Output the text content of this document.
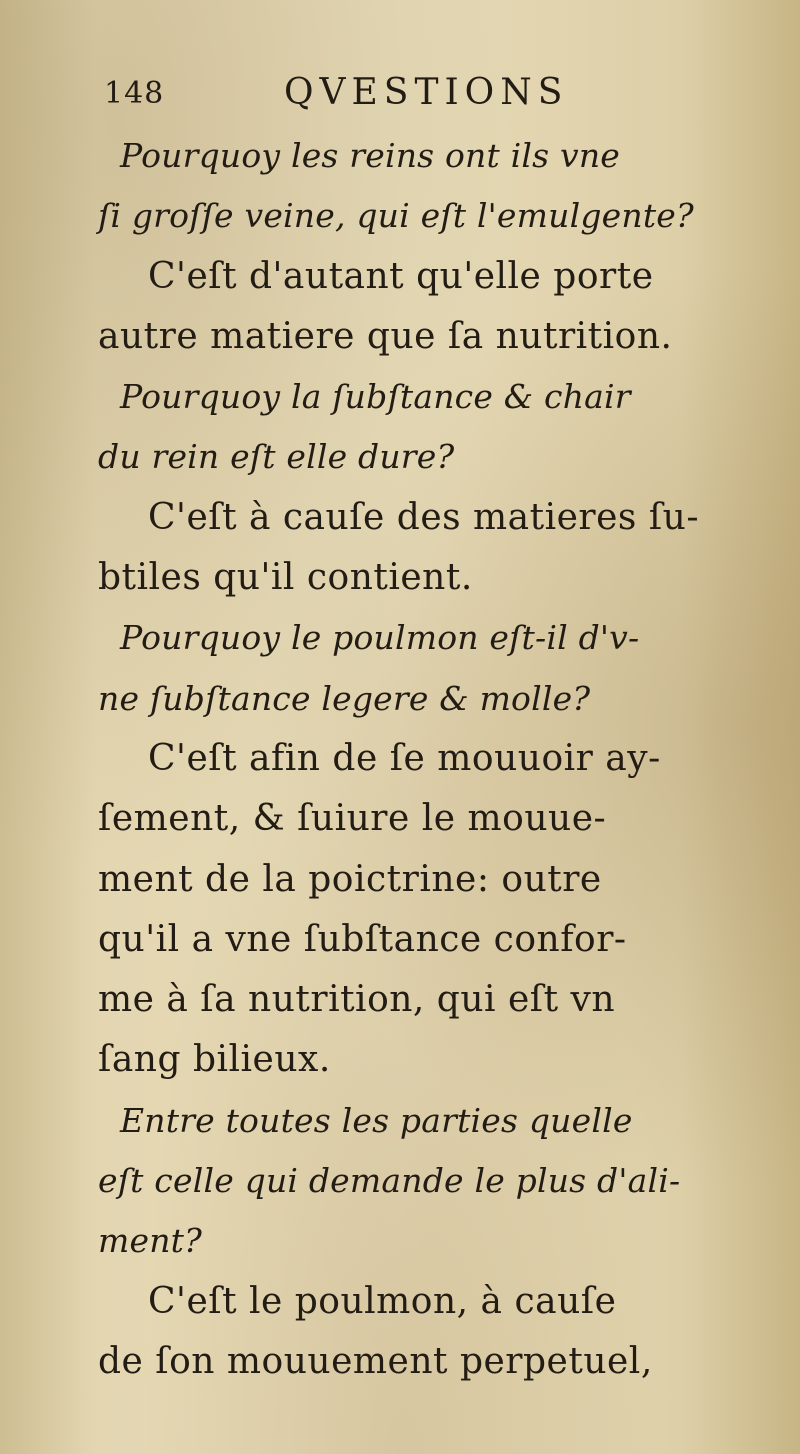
148	QVESTIONS
Pourquoy les reins ont ils vne
ſi groſſe veine, qui eſt l'emulgente?
C'eſt d'autant qu'elle porte
autre matiere que ſa nutrition.
Pourquoy la ſubſtance & chair
du rein eſt elle dure?
C'eſt à cauſe des matieres ſu-
btiles qu'il contient.
Pourquoy le poulmon eſt-il d'v-
ne ſubſtance legere & molle?
C'eſt afin de ſe mouuoir ay-
ſement, & ſuiure le mouue-
ment de la poictrine: outre
qu'il a vne ſubſtance confor-
me à ſa nutrition, qui eſt vn
ſang bilieux.
Entre toutes les parties quelle
eſt celle qui demande le plus d'ali-
ment?
C'eſt le poulmon, à cauſe
de ſon mouuement perpetuel,
